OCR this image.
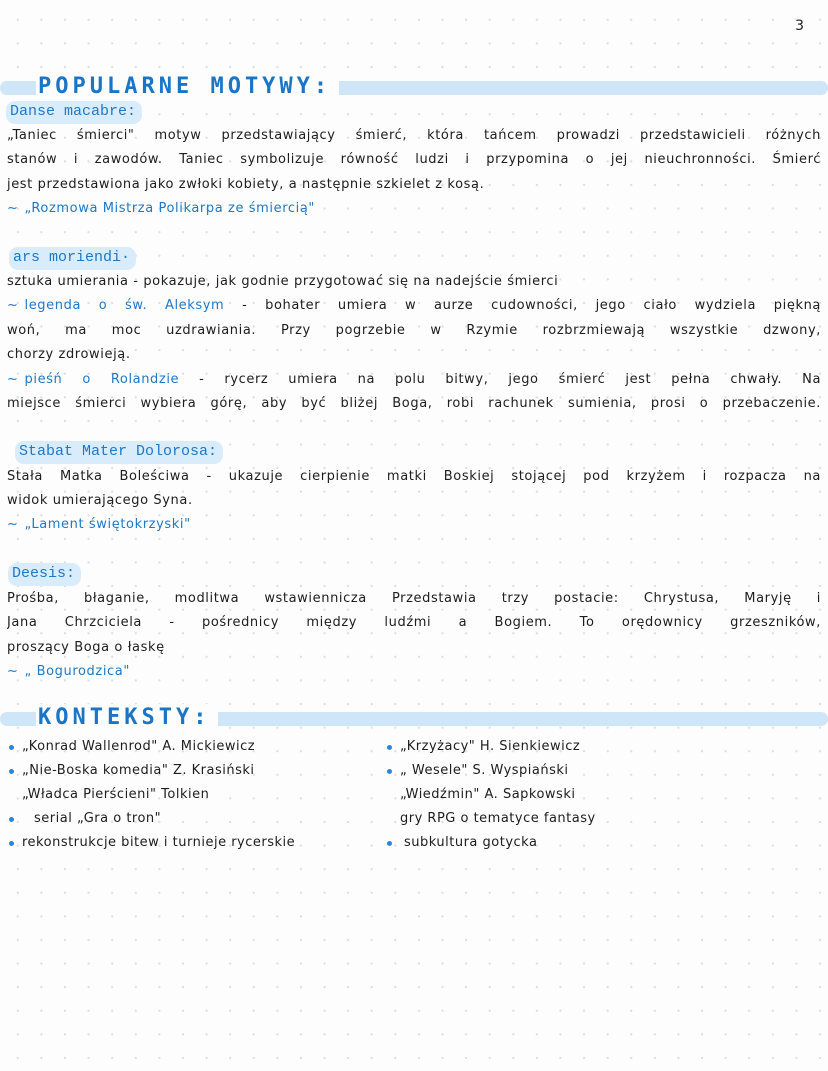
3
POPULARNE MOTYWY:
Danse macabre:
„Taniec śmierci" motyw przedstawiający śmierć, która tańcem prowadzi przedstawicieli różnych
stanów i zawodów. Taniec symbolizuje równość ludzi i przypomina o jej nieuchronności. Śmierć
jest przedstawiona jako zwłoki kobiety, a następnie szkielet z kosą.
~ „Rozmowa Mistrza Polikarpa ze śmiercią"
ars moriendi·
sztuka umierania - pokazuje, jak godnie przygotować się na nadejście śmierci
~ legenda o św. Aleksym - bohater umiera w aurze cudowności, jego ciało wydziela piękną
woń, ma moc uzdrawiania. Przy pogrzebie w Rzymie rozbrzmiewają wszystkie dzwony,
chorzy zdrowieją.
~ pieśń o Rolandzie - rycerz umiera na polu bitwy, jego śmierć jest pełna chwały. Na
miejsce śmierci wybiera górę, aby być bliżej Boga, robi rachunek sumienia, prosi o przebaczenie.
Stabat Mater Dolorosa:
Stała Matka Boleściwa - ukazuje cierpienie matki Boskiej stojącej pod krzyżem i rozpacza na
widok umierającego Syna.
~ „Lament świętokrzyski"
Deesis:
Prośba, błaganie, modlitwa wstawiennicza Przedstawia trzy postacie: Chrystusa, Maryję i
Jana Chrzciciela - pośrednicy między ludźmi a Bogiem. To orędownicy grzeszników,
proszący Boga o łaskę
~ „ Bogurodzica"
KONTEKSTY:
„Konrad Wallenrod" A. Mickiewicz
„Nie-Boska komedia" Z. Krasiński
„Władca Pierścieni" Tolkien
serial „Gra o tron"
rekonstrukcje bitew i turnieje rycerskie
„Krzyżacy" H. Sienkiewicz
„ Wesele" S. Wyspiański
„Wiedźmin" A. Sapkowski
gry RPG o tematyce fantasy
subkultura gotycka
